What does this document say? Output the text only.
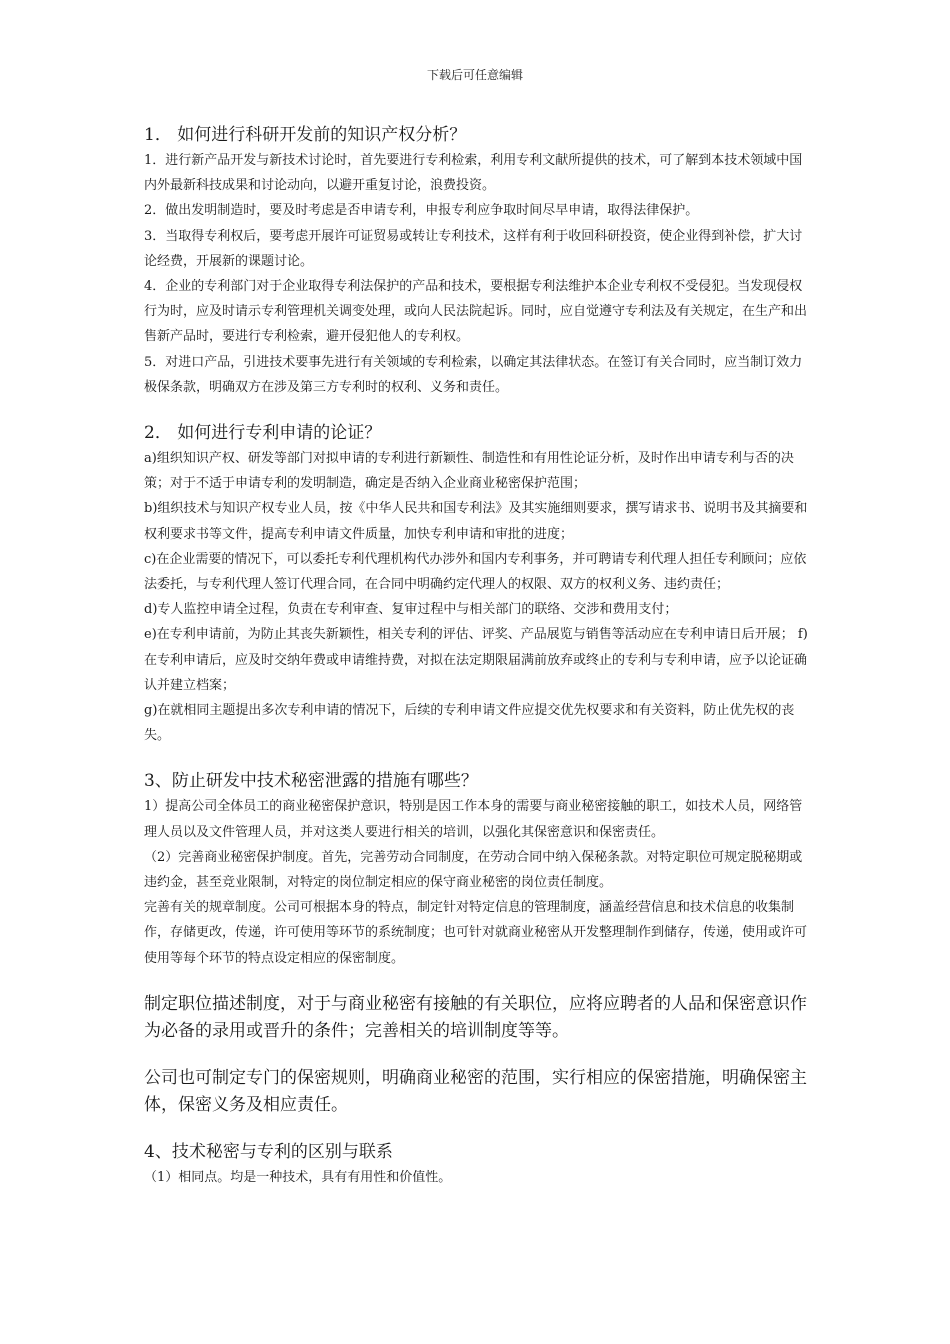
下载后可任意编辑
1． 如何进行科研开发前的知识产权分析？

1．进行新产品开发与新技术讨论时，首先要进行专利检索，利用专利文献所提供的技术，可了解到本技术领域中国内外最新科技成果和讨论动向，以避开重复讨论，浪费投资。

2．做出发明制造时，要及时考虑是否申请专利，申报专利应争取时间尽早申请，取得法律保护。

3．当取得专利权后，要考虑开展许可证贸易或转让专利技术，这样有利于收回科研投资，使企业得到补偿，扩大讨论经费，开展新的课题讨论。

4．企业的专利部门对于企业取得专利法保护的产品和技术，要根据专利法维护本企业专利权不受侵犯。当发现侵权行为时，应及时请示专利管理机关调变处理，或向人民法院起诉。同时，应自觉遵守专利法及有关规定，在生产和出售新产品时，要进行专利检索，避开侵犯他人的专利权。

5．对进口产品，引进技术要事先进行有关领域的专利检索，以确定其法律状态。在签订有关合同时，应当制订效力极保条款，明确双方在涉及第三方专利时的权利、义务和责任。

2． 如何进行专利申请的论证？

a)组织知识产权、研发等部门对拟申请的专利进行新颖性、制造性和有用性论证分析，及时作出申请专利与否的决策；对于不适于申请专利的发明制造，确定是否纳入企业商业秘密保护范围；

b)组织技术与知识产权专业人员，按《中华人民共和国专利法》及其实施细则要求，撰写请求书、说明书及其摘要和权利要求书等文件，提高专利申请文件质量，加快专利申请和审批的进度；

c)在企业需要的情况下，可以委托专利代理机构代办涉外和国内专利事务，并可聘请专利代理人担任专利顾问；应依法委托，与专利代理人签订代理合同，在合同中明确约定代理人的权限、双方的权利义务、违约责任；

d)专人监控申请全过程，负责在专利审查、复审过程中与相关部门的联络、交涉和费用支付；

e)在专利申请前，为防止其丧失新颖性，相关专利的评估、评奖、产品展览与销售等活动应在专利申请日后开展； f)在专利申请后，应及时交纳年费或申请维持费，对拟在法定期限届满前放弃或终止的专利与专利申请，应予以论证确认并建立档案；

g)在就相同主题提出多次专利申请的情况下，后续的专利申请文件应提交优先权要求和有关资料，防止优先权的丧失。

3、防止研发中技术秘密泄露的措施有哪些？

1）提高公司全体员工的商业秘密保护意识，特别是因工作本身的需要与商业秘密接触的职工，如技术人员，网络管理人员以及文件管理人员，并对这类人要进行相关的培训，以强化其保密意识和保密责任。

（2）完善商业秘密保护制度。首先，完善劳动合同制度，在劳动合同中纳入保秘条款。对特定职位可规定脱秘期或违约金，甚至竞业限制，对特定的岗位制定相应的保守商业秘密的岗位责任制度。

完善有关的规章制度。公司可根据本身的特点，制定针对特定信息的管理制度，涵盖经营信息和技术信息的收集制作，存储更改，传递，许可使用等环节的系统制度；也可针对就商业秘密从开发整理制作到储存，传递，使用或许可使用等每个环节的特点设定相应的保密制度。

制定职位描述制度，对于与商业秘密有接触的有关职位，应将应聘者的人品和保密意识作为必备的录用或晋升的条件；完善相关的培训制度等等。

公司也可制定专门的保密规则，明确商业秘密的范围，实行相应的保密措施，明确保密主体，保密义务及相应责任。

4、技术秘密与专利的区别与联系

（1）相同点。均是一种技术，具有有用性和价值性。
